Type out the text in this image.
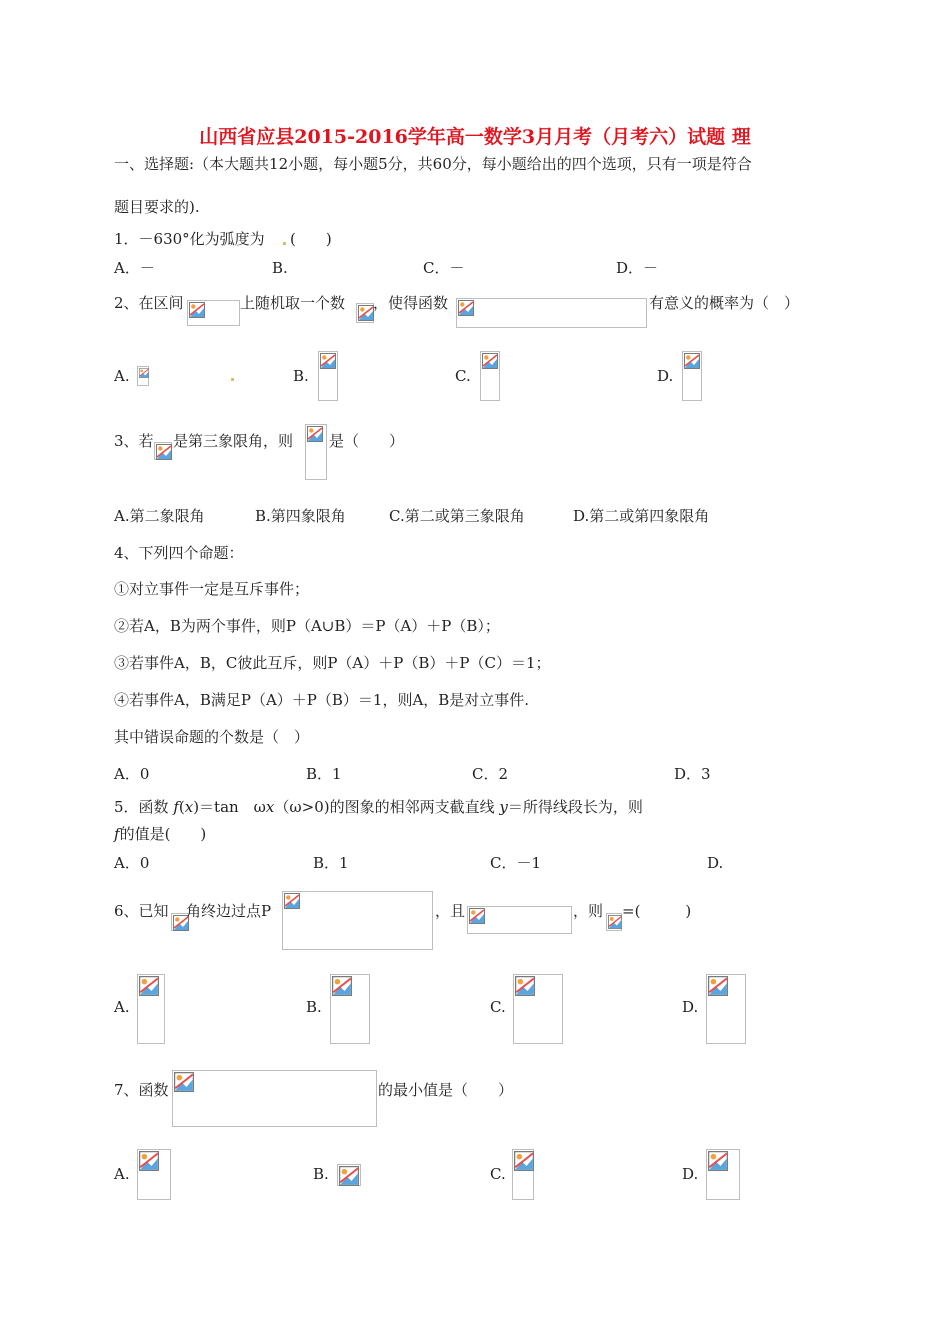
山西省应县2015-2016学年高一数学3月月考（月考六）试题 理
一、选择题:（本大题共12小题，每小题5分，共60分，每小题给出的四个选项，只有一项是符合
题目要求的).
1．－630°化为弧度为 (　　)
A．－	B.	C．－	D．－
2、在区间	上随机取一个数 ，使得函数	有意义的概率为（　）
A.	B.	C.	D.
3、若 是第三象限角，则 是（　　）
A.第二象限角	B.第四象限角	C.第二或第三象限角	D.第二或第四象限角
4、下列四个命题：
①对立事件一定是互斥事件；
②若A，B为两个事件，则P（A∪B）＝P（A）＋P（B）；
③若事件A，B，C彼此互斥，则P（A）＋P（B）＋P（C）＝1；
④若事件A，B满足P（A）＋P（B）＝1，则A，B是对立事件.
其中错误命题的个数是（　）
A．0	B．1	C．2	D．3
5．函数 f(x)＝tan　ωx（ω>0)的图象的相邻两支截直线 y＝所得线段长为，则
f的值是(　　)
A．0	B．1	C．－1	D.
6、已知 角终边过点P	，且	，则 =(　　　)
A.	B.	C.	D.
7、函数	的最小值是（　　）
A.	B.	C.	D.
